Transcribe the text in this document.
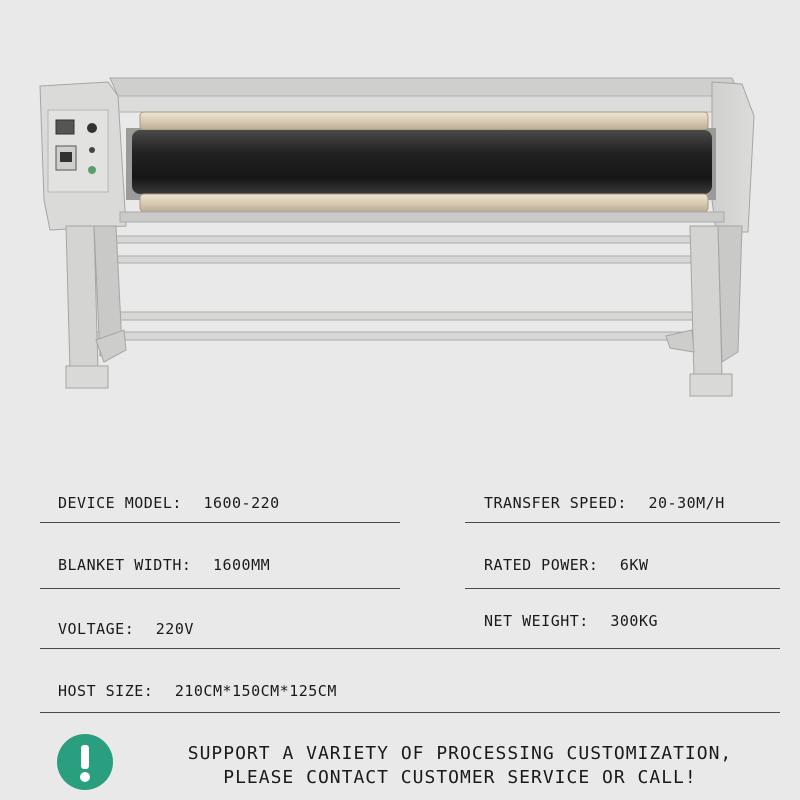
DEVICE MODEL: 1600-220	TRANSFER SPEED: 20-30M/H
BLANKET WIDTH: 1600MM	RATED POWER: 6KW
VOLTAGE: 220V	NET WEIGHT: 300KG
HOST SIZE: 210CM*150CM*125CM
SUPPORT A VARIETY OF PROCESSING CUSTOMIZATION,
PLEASE CONTACT CUSTOMER SERVICE OR CALL!
